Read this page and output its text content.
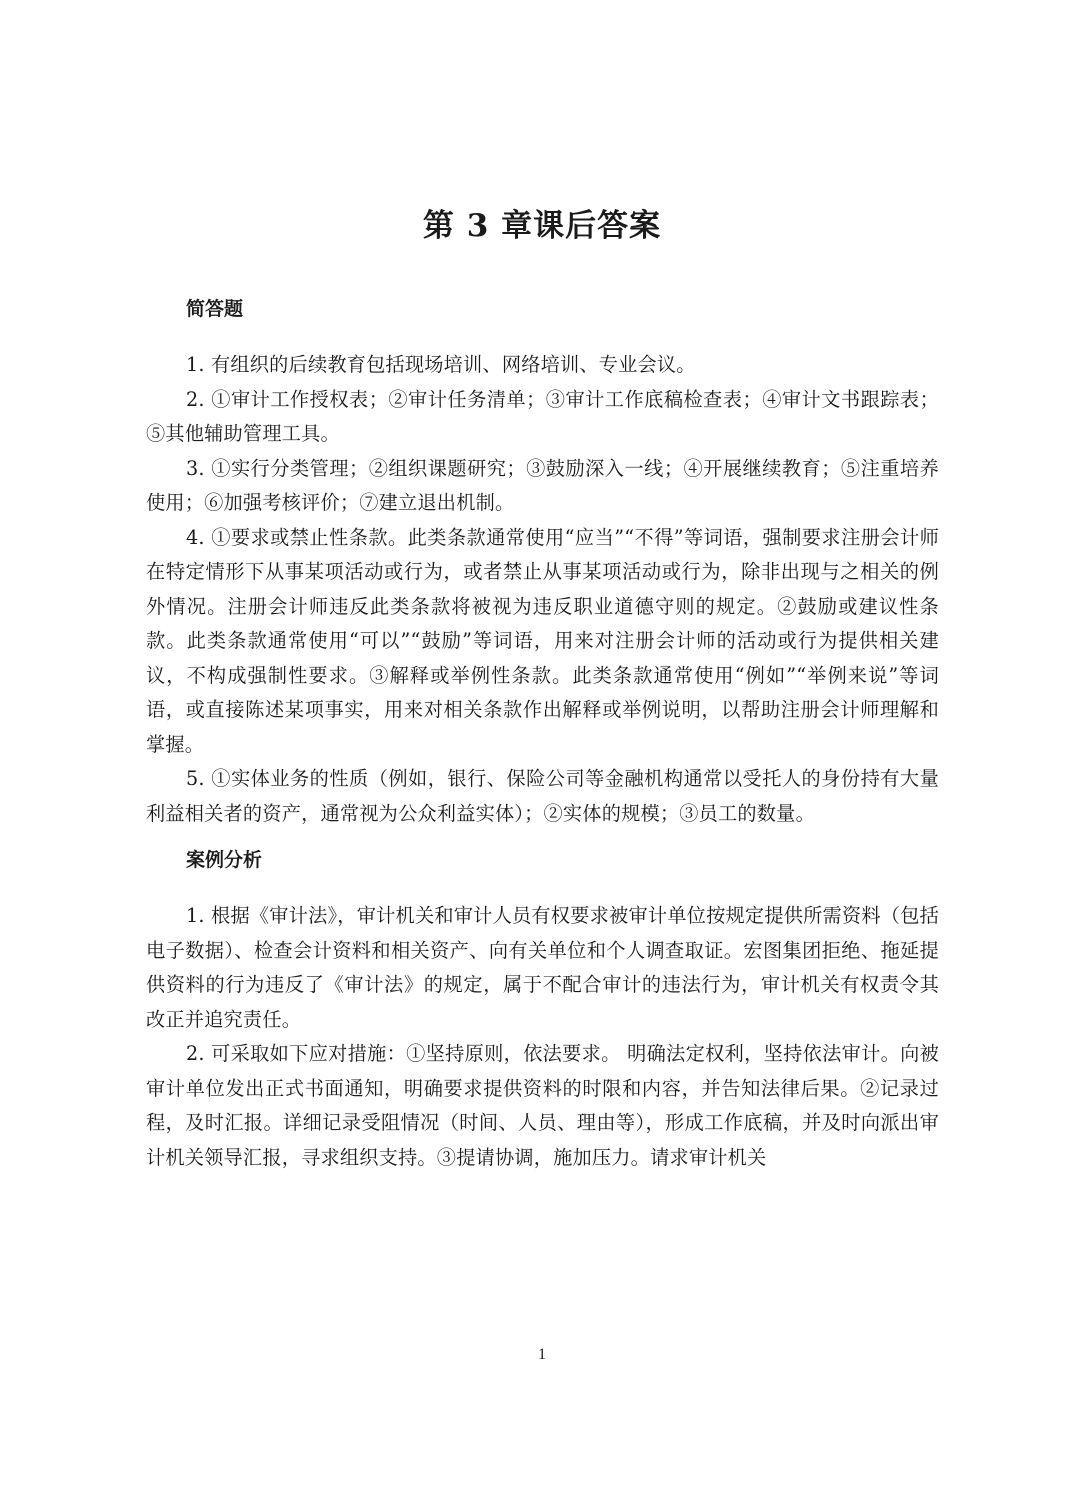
第 3 章课后答案
简答题

1. 有组织的后续教育包括现场培训、网络培训、专业会议。

2. ①审计工作授权表；②审计任务清单；③审计工作底稿检查表；④审计文书跟踪表；⑤其他辅助管理工具。

3. ①实行分类管理；②组织课题研究；③鼓励深入一线；④开展继续教育；⑤注重培养使用；⑥加强考核评价；⑦建立退出机制。

4. ①要求或禁止性条款。此类条款通常使用“应当”“不得”等词语，强制要求注册会计师在特定情形下从事某项活动或行为，或者禁止从事某项活动或行为，除非出现与之相关的例外情况。注册会计师违反此类条款将被视为违反职业道德守则的规定。②鼓励或建议性条款。此类条款通常使用“可以”“鼓励”等词语，用来对注册会计师的活动或行为提供相关建议，不构成强制性要求。③解释或举例性条款。此类条款通常使用“例如”“举例来说”等词语，或直接陈述某项事实，用来对相关条款作出解释或举例说明，以帮助注册会计师理解和掌握。

5. ①实体业务的性质（例如，银行、保险公司等金融机构通常以受托人的身份持有大量利益相关者的资产，通常视为公众利益实体）；②实体的规模；③员工的数量。

案例分析

1. 根据《审计法》，审计机关和审计人员有权要求被审计单位按规定提供所需资料（包括电子数据）、检查会计资料和相关资产、向有关单位和个人调查取证。宏图集团拒绝、拖延提供资料的行为违反了《审计法》的规定，属于不配合审计的违法行为，审计机关有权责令其改正并追究责任。

2. 可采取如下应对措施：①坚持原则，依法要求。 明确法定权利，坚持依法审计。向被审计单位发出正式书面通知，明确要求提供资料的时限和内容，并告知法律后果。②记录过程，及时汇报。详细记录受阻情况（时间、人员、理由等），形成工作底稿，并及时向派出审计机关领导汇报，寻求组织支持。③提请协调，施加压力。请求审计机关

1
